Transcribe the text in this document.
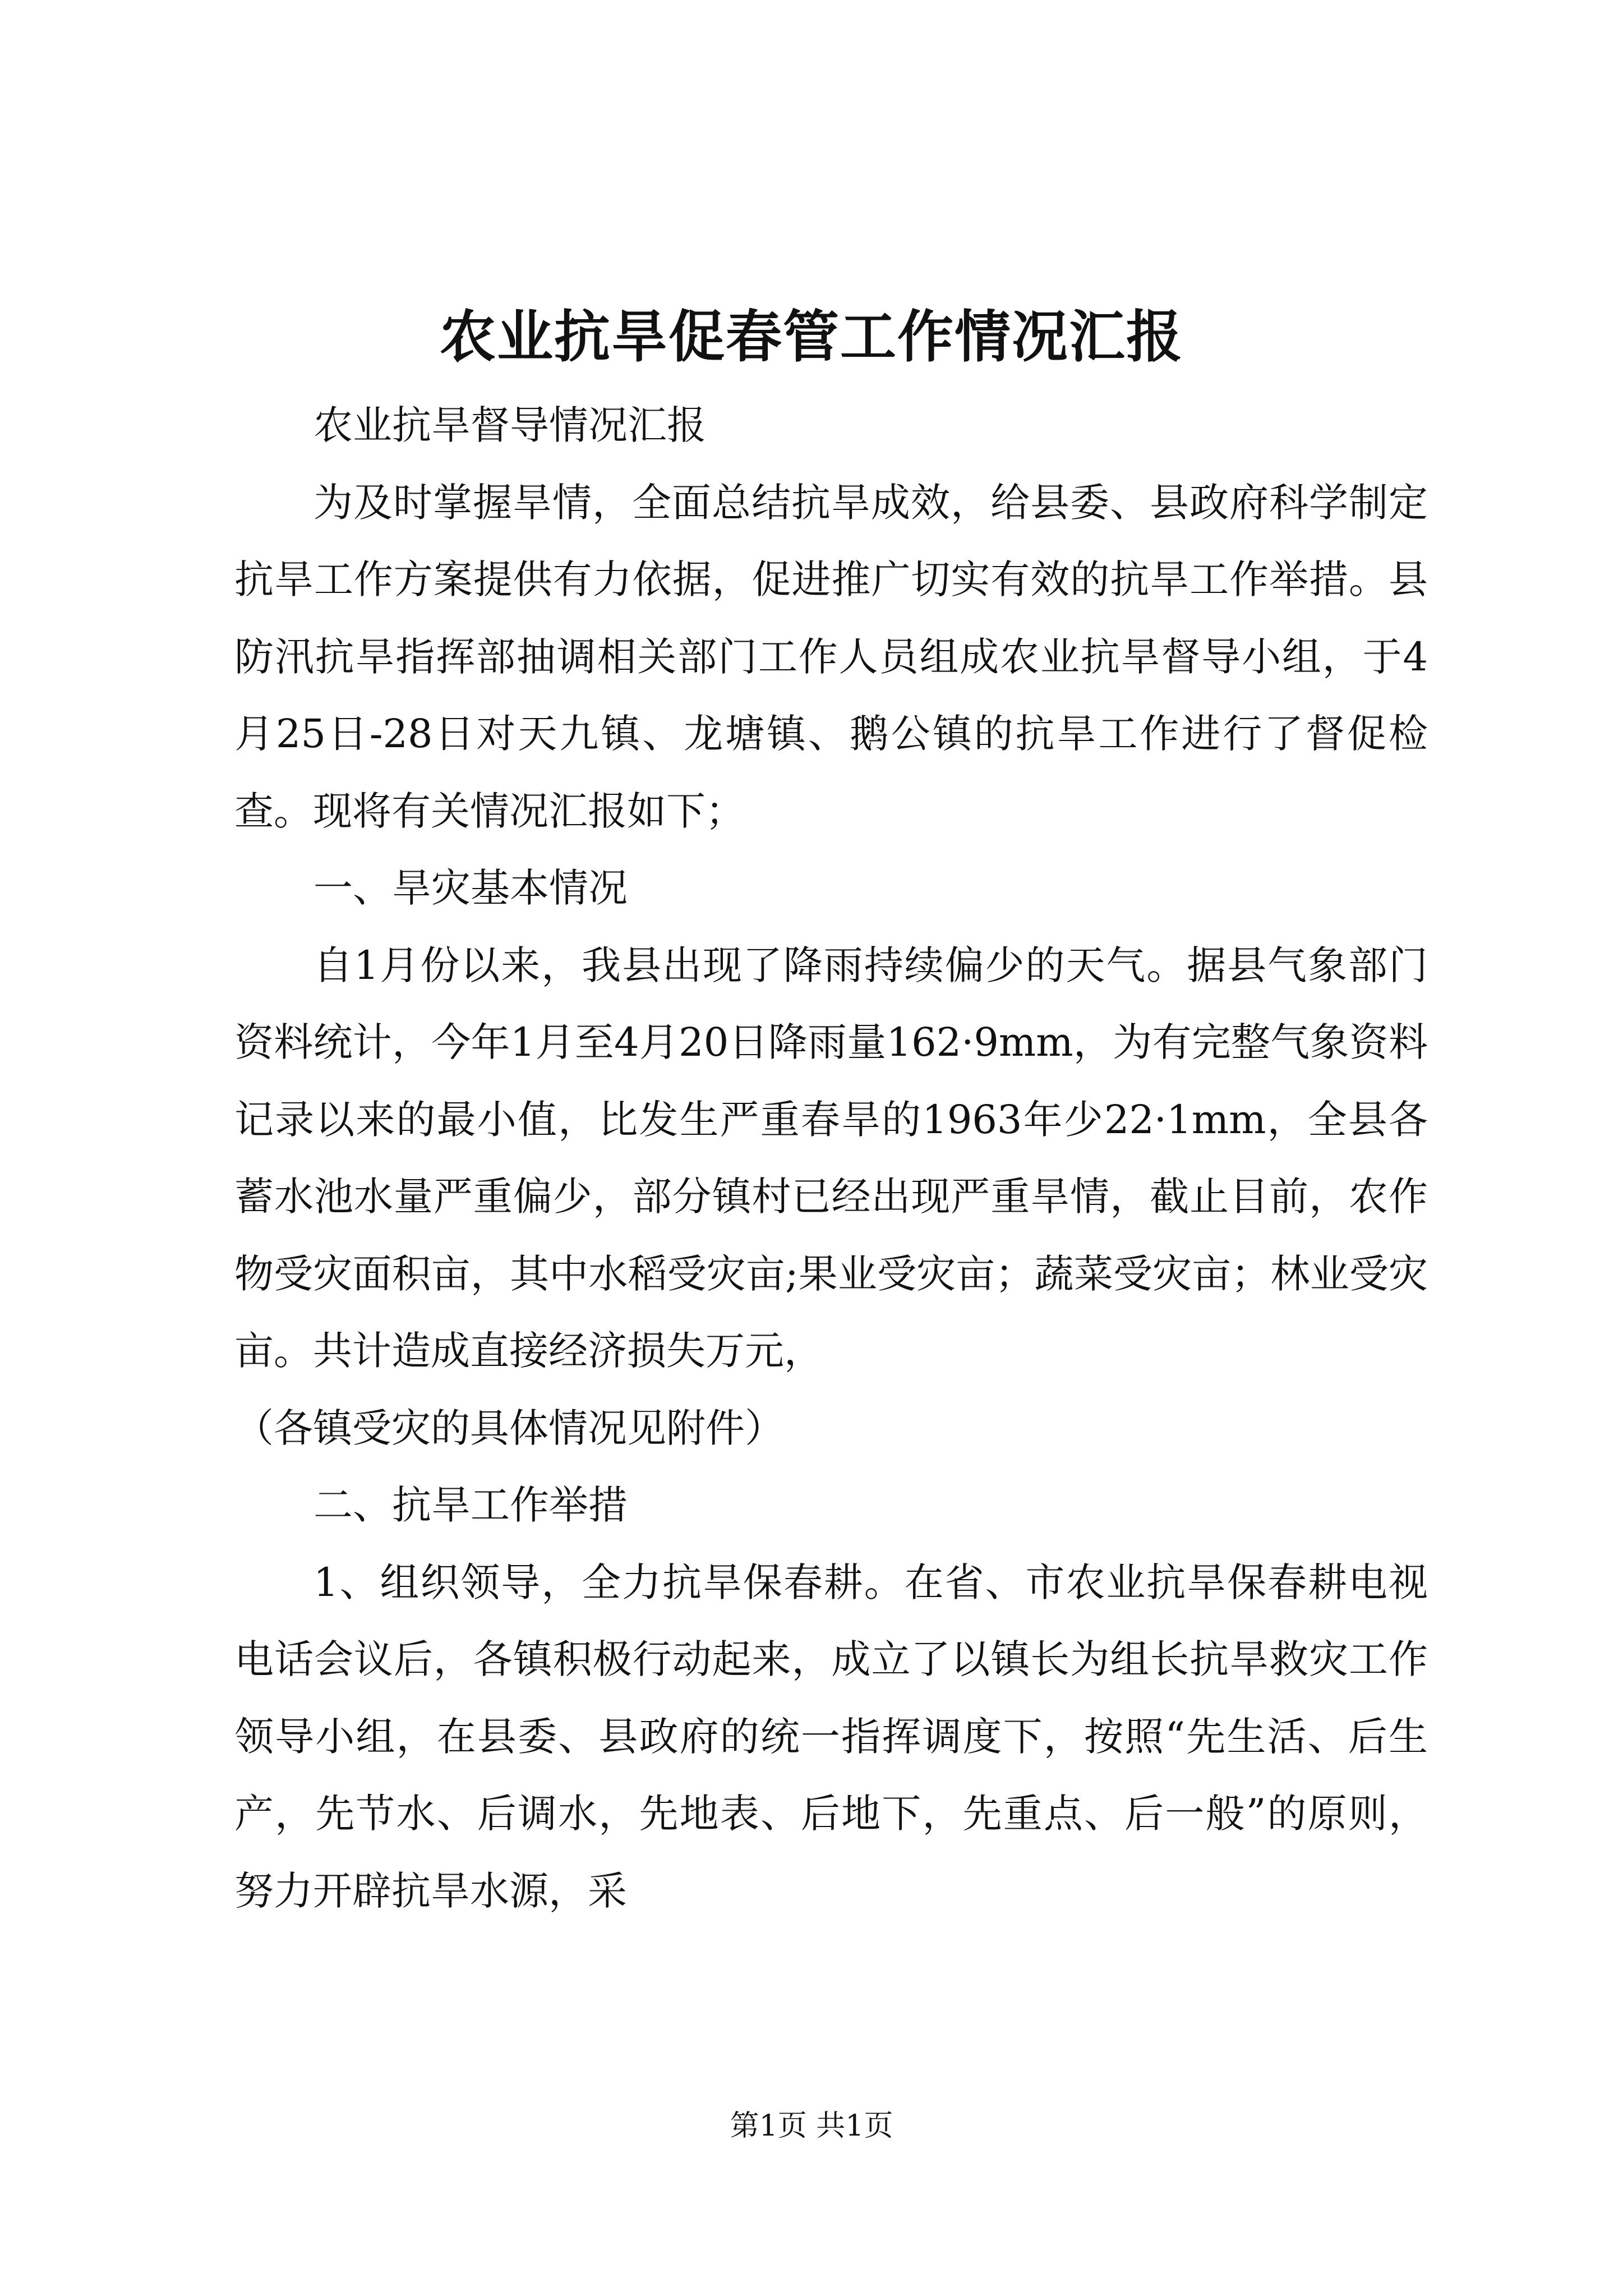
农业抗旱促春管工作情况汇报

农业抗旱督导情况汇报

为及时掌握旱情，全面总结抗旱成效，给县委、县政府科学制定抗旱工作方案提供有力依据，促进推广切实有效的抗旱工作举措。县防汛抗旱指挥部抽调相关部门工作人员组成农业抗旱督导小组，于4月25日-28日对天九镇、龙塘镇、鹅公镇的抗旱工作进行了督促检查。现将有关情况汇报如下；

一、旱灾基本情况

自1月份以来，我县出现了降雨持续偏少的天气。据县气象部门资料统计，今年1月至4月20日降雨量162·9mm，为有完整气象资料记录以来的最小值，比发生严重春旱的1963年少22·1mm，全县各蓄水池水量严重偏少，部分镇村已经出现严重旱情，截止目前，农作物受灾面积亩，其中水稻受灾亩;果业受灾亩；蔬菜受灾亩；林业受灾亩。共计造成直接经济损失万元，

（各镇受灾的具体情况见附件）

二、抗旱工作举措

1、组织领导，全力抗旱保春耕。在省、市农业抗旱保春耕电视电话会议后，各镇积极行动起来，成立了以镇长为组长抗旱救灾工作领导小组，在县委、县政府的统一指挥调度下，按照“先生活、后生产，先节水、后调水，先地表、后地下，先重点、后一般”的原则，努力开辟抗旱水源，采

第1页 共1页
